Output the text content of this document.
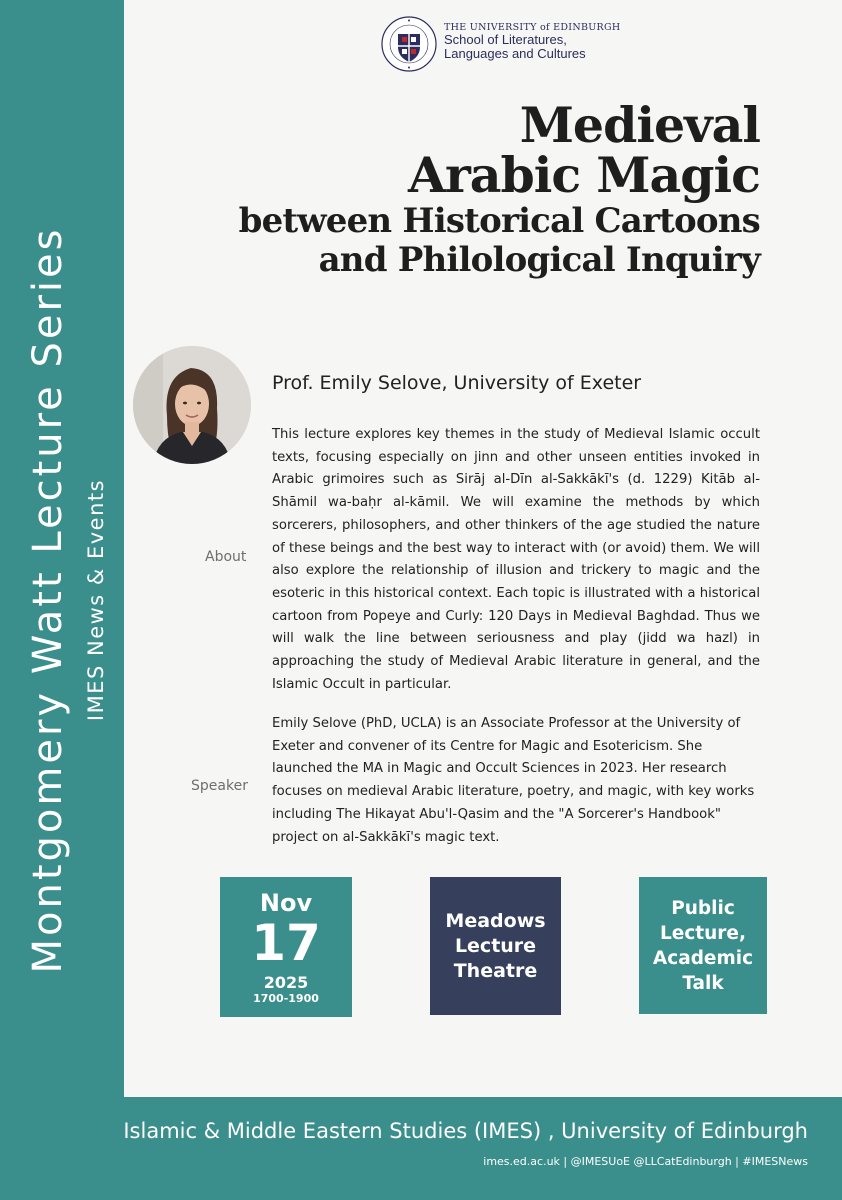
Montgomery Watt Lecture Series IMES News & Events
THE UNIVERSITY of EDINBURGH
School of Literatures,
Languages and Cultures
Medieval
Arabic Magic
between Historical Cartoons
and Philological Inquiry
Prof. Emily Selove, University of Exeter
About
Speaker

This lecture explores key themes in the study of Medieval Islamic occult texts, focusing especially on jinn and other unseen entities invoked in Arabic grimoires such as Sirāj al-Dīn al-Sakkākī's (d. 1229) Kitāb al-Shāmil wa-baḥr al-kāmil. We will examine the methods by which sorcerers, philosophers, and other thinkers of the age studied the nature of these beings and the best way to interact with (or avoid) them. We will also explore the relationship of illusion and trickery to magic and the esoteric in this historical context. Each topic is illustrated with a historical cartoon from Popeye and Curly: 120 Days in Medieval Baghdad. Thus we will walk the line between seriousness and play (jidd wa hazl) in approaching the study of Medieval Arabic literature in general, and the Islamic Occult in particular.

Emily Selove (PhD, UCLA) is an Associate Professor at the University of Exeter and convener of its Centre for Magic and Esotericism. She launched the MA in Magic and Occult Sciences in 2023. Her research focuses on medieval Arabic literature, poetry, and magic, with key works including The Hikayat Abu'l-Qasim and the "A Sorcerer's Handbook" project on al-Sakkākī's magic text.

Nov
17
2025
1700-1900
Meadows
Lecture
Theatre
Public
Lecture,
Academic
Talk
Islamic & Middle Eastern Studies (IMES) , University of Edinburgh
imes.ed.ac.uk | @IMESUoE @LLCatEdinburgh | #IMESNews
